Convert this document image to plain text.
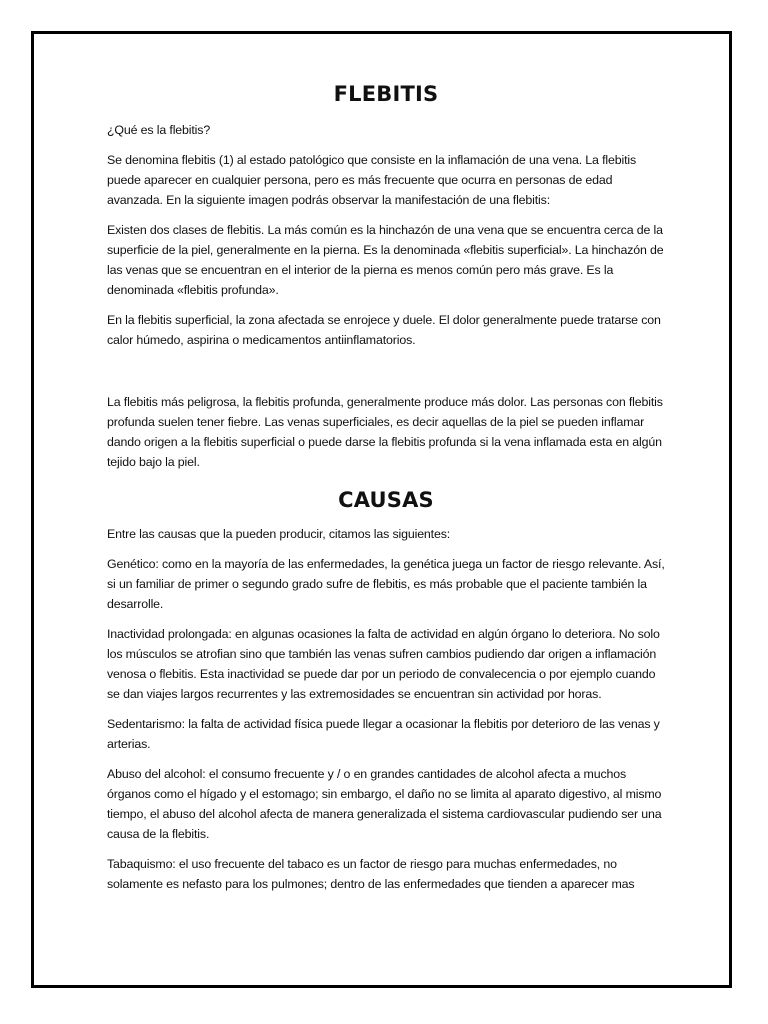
FLEBITIS

¿Qué es la flebitis?

Se denomina flebitis (1) al estado patológico que consiste en la inflamación de una vena. La flebitis puede aparecer en cualquier persona, pero es más frecuente que ocurra en personas de edad avanzada. En la siguiente imagen podrás observar la manifestación de una flebitis:

Existen dos clases de flebitis. La más común es la hinchazón de una vena que se encuentra cerca de la superficie de la piel, generalmente en la pierna. Es la denominada «flebitis superficial». La hinchazón de las venas que se encuentran en el interior de la pierna es menos común pero más grave. Es la denominada «flebitis profunda».

En la flebitis superficial, la zona afectada se enrojece y duele. El dolor generalmente puede tratarse con calor húmedo, aspirina o medicamentos antiinflamatorios.

La flebitis más peligrosa, la flebitis profunda, generalmente produce más dolor. Las personas con flebitis profunda suelen tener fiebre. Las venas superficiales, es decir aquellas de la piel se pueden inflamar dando origen a la flebitis superficial o puede darse la flebitis profunda si la vena inflamada esta en algún tejido bajo la piel.

CAUSAS

Entre las causas que la pueden producir, citamos las siguientes:

Genético: como en la mayoría de las enfermedades, la genética juega un factor de riesgo relevante. Así, si un familiar de primer o segundo grado sufre de flebitis, es más probable que el paciente también la desarrolle.

Inactividad prolongada: en algunas ocasiones la falta de actividad en algún órgano lo deteriora. No solo los músculos se atrofian sino que también las venas sufren cambios pudiendo dar origen a inflamación venosa o flebitis. Esta inactividad se puede dar por un periodo de convalecencia o por ejemplo cuando se dan viajes largos recurrentes y las extremosidades se encuentran sin actividad por horas.

Sedentarismo: la falta de actividad física puede llegar a ocasionar la flebitis por deterioro de las venas y arterias.

Abuso del alcohol: el consumo frecuente y / o en grandes cantidades de alcohol afecta a muchos órganos como el hígado y el estomago; sin embargo, el daño no se limita al aparato digestivo, al mismo tiempo, el abuso del alcohol afecta de manera generalizada el sistema cardiovascular pudiendo ser una causa de la flebitis.

Tabaquismo: el uso frecuente del tabaco es un factor de riesgo para muchas enfermedades, no solamente es nefasto para los pulmones; dentro de las enfermedades que tienden a aparecer mas
